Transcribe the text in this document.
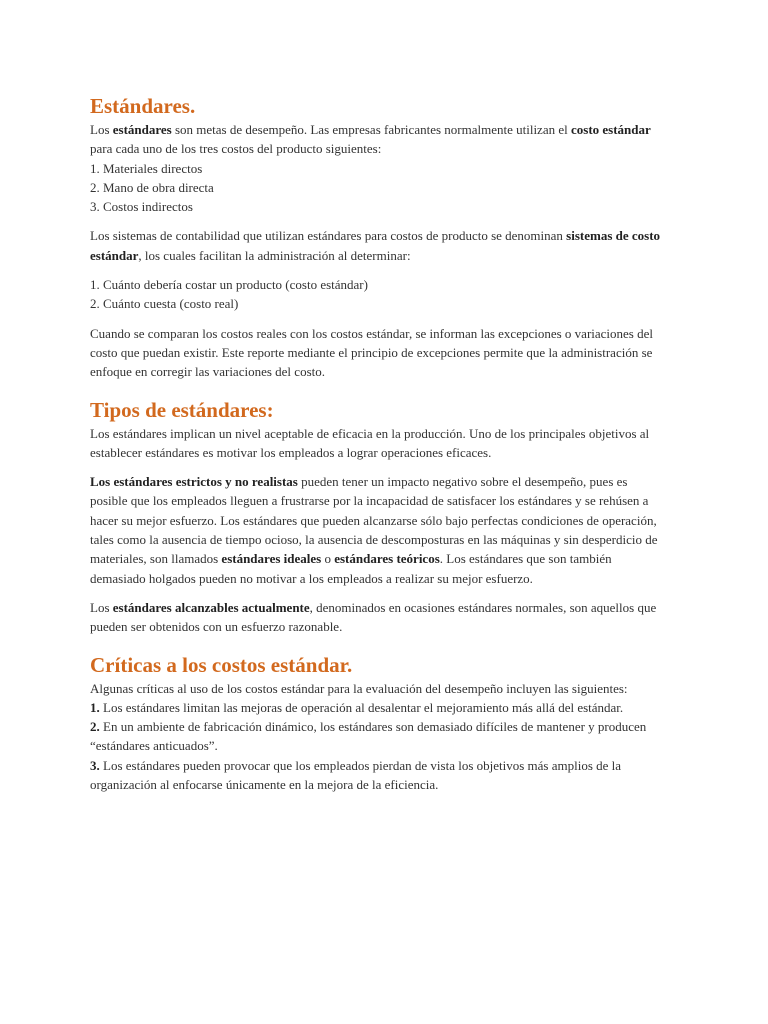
Estándares.

Los estándares son metas de desempeño. Las empresas fabricantes normalmente utilizan el costo estándar para cada uno de los tres costos del producto siguientes:

1. Materiales directos

2. Mano de obra directa

3. Costos indirectos

Los sistemas de contabilidad que utilizan estándares para costos de producto se denominan sistemas de costo estándar, los cuales facilitan la administración al determinar:

1. Cuánto debería costar un producto (costo estándar)

2. Cuánto cuesta (costo real)

Cuando se comparan los costos reales con los costos estándar, se informan las excepciones o variaciones del costo que puedan existir. Este reporte mediante el principio de excepciones permite que la administración se enfoque en corregir las variaciones del costo.

Tipos de estándares:

Los estándares implican un nivel aceptable de eficacia en la producción. Uno de los principales objetivos al establecer estándares es motivar los empleados a lograr operaciones eficaces.

Los estándares estrictos y no realistas pueden tener un impacto negativo sobre el desempeño, pues es posible que los empleados lleguen a frustrarse por la incapacidad de satisfacer los estándares y se rehúsen a hacer su mejor esfuerzo. Los estándares que pueden alcanzarse sólo bajo perfectas condiciones de operación, tales como la ausencia de tiempo ocioso, la ausencia de descomposturas en las máquinas y sin desperdicio de materiales, son llamados estándares ideales o estándares teóricos. Los estándares que son también demasiado holgados pueden no motivar a los empleados a realizar su mejor esfuerzo.

Los estándares alcanzables actualmente, denominados en ocasiones estándares normales, son aquellos que pueden ser obtenidos con un esfuerzo razonable.

Críticas a los costos estándar.

Algunas críticas al uso de los costos estándar para la evaluación del desempeño incluyen las siguientes:

1. Los estándares limitan las mejoras de operación al desalentar el mejoramiento más allá del estándar.

2. En un ambiente de fabricación dinámico, los estándares son demasiado difíciles de mantener y producen “estándares anticuados”.

3. Los estándares pueden provocar que los empleados pierdan de vista los objetivos más amplios de la organización al enfocarse únicamente en la mejora de la eficiencia.
